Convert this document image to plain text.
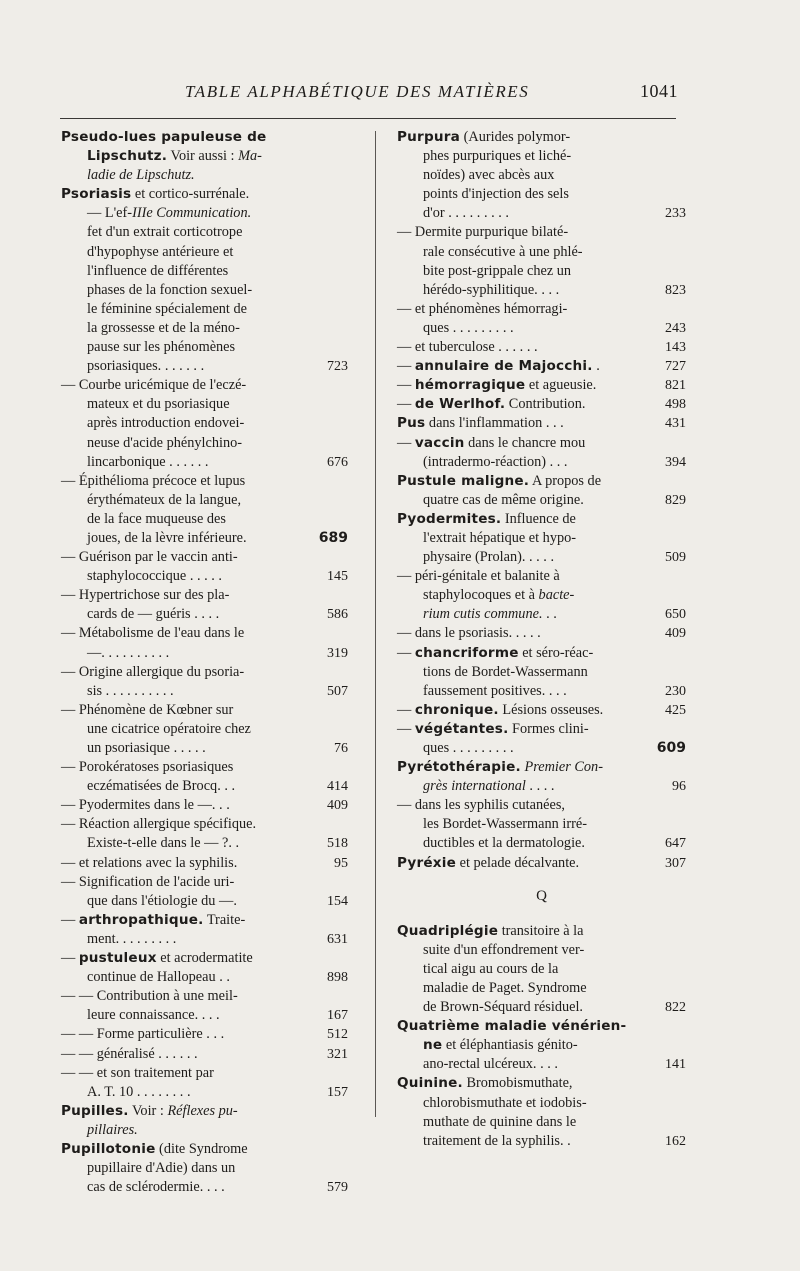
TABLE ALPHABÉTIQUE DES MATIÈRES	1041
Pseudo-lues papuleuse de
Lipschutz. Voir aussi : Ma-
ladie de Lipschutz.
Psoriasis et cortico-surrénale.
— L'ef-IIIe Communication.
fet d'un extrait corticotrope
d'hypophyse antérieure et
l'influence de différentes
phases de la fonction sexuel-
le féminine spécialement de
la grossesse et de la méno-
pause sur les phénomènes
psoriasiques. . . . . . .	723
— Courbe uricémique de l'eczé-
mateux et du psoriasique
après introduction endovei-
neuse d'acide phénylchino-
lincarbonique . . . . . .	676
— Épithélioma précoce et lupus
érythémateux de la langue,
de la face muqueuse des
joues, de la lèvre inférieure.	689
— Guérison par le vaccin anti-
staphylococcique . . . . .	145
— Hypertrichose sur des pla-
cards de — guéris . . . .	586
— Métabolisme de l'eau dans le
—. . . . . . . . . .	319
— Origine allergique du psoria-
sis . . . . . . . . . .	507
— Phénomène de Kœbner sur
une cicatrice opératoire chez
un psoriasique . . . . .	76
— Porokératoses psoriasiques
eczématisées de Brocq. . .	414
— Pyodermites dans le —. . .	409
— Réaction allergique spécifique.
Existe-t-elle dans le — ?. .	518
— et relations avec la syphilis.	95
— Signification de l'acide uri-
que dans l'étiologie du —.	154
— arthropathique. Traite-
ment. . . . . . . . .	631
— pustuleux et acrodermatite
continue de Hallopeau . .	898
— — Contribution à une meil-
leure connaissance. . . .	167
— — Forme particulière . . .	512
— — généralisé . . . . . .	321
— — et son traitement par
A. T. 10 . . . . . . . .	157
Pupilles. Voir : Réflexes pu-
pillaires.
Pupillotonie (dite Syndrome
pupillaire d'Adie) dans un
cas de sclérodermie. . . .	579
Purpura (Aurides polymor-
phes purpuriques et liché-
noïdes) avec abcès aux
points d'injection des sels
d'or . . . . . . . . .	233
— Dermite purpurique bilaté-
rale consécutive à une phlé-
bite post-grippale chez un
hérédo-syphilitique. . . .	823
— et phénomènes hémorragi-
ques . . . . . . . . .	243
— et tuberculose . . . . . .	143
— annulaire de Majocchi. .	727
— hémorragique et agueusie.	821
— de Werlhof. Contribution.	498
Pus dans l'inflammation . . .	431
— vaccin dans le chancre mou
(intradermo-réaction) . . .	394
Pustule maligne. A propos de
quatre cas de même origine.	829
Pyodermites. Influence de
l'extrait hépatique et hypo-
physaire (Prolan). . . . .	509
— péri-génitale et balanite à
staphylocoques et à bacte-
rium cutis commune. . .	650
— dans le psoriasis. . . . .	409
— chancriforme et séro-réac-
tions de Bordet-Wassermann
faussement positives. . . .	230
— chronique. Lésions osseuses.	425
— végétantes. Formes clini-
ques . . . . . . . . .	609
Pyrétothérapie. Premier Con-
grès international . . . .	96
— dans les syphilis cutanées,
les Bordet-Wassermann irré-
ductibles et la dermatologie.	647
Pyréxie et pelade décalvante.	307
Q
Quadriplégie transitoire à la
suite d'un effondrement ver-
tical aigu au cours de la
maladie de Paget. Syndrome
de Brown-Séquard résiduel.	822
Quatrième maladie vénérien-
ne et éléphantiasis génito-
ano-rectal ulcéreux. . . .	141
Quinine. Bromobismuthate,
chlorobismuthate et iodobis-
muthate de quinine dans le
traitement de la syphilis. .	162
